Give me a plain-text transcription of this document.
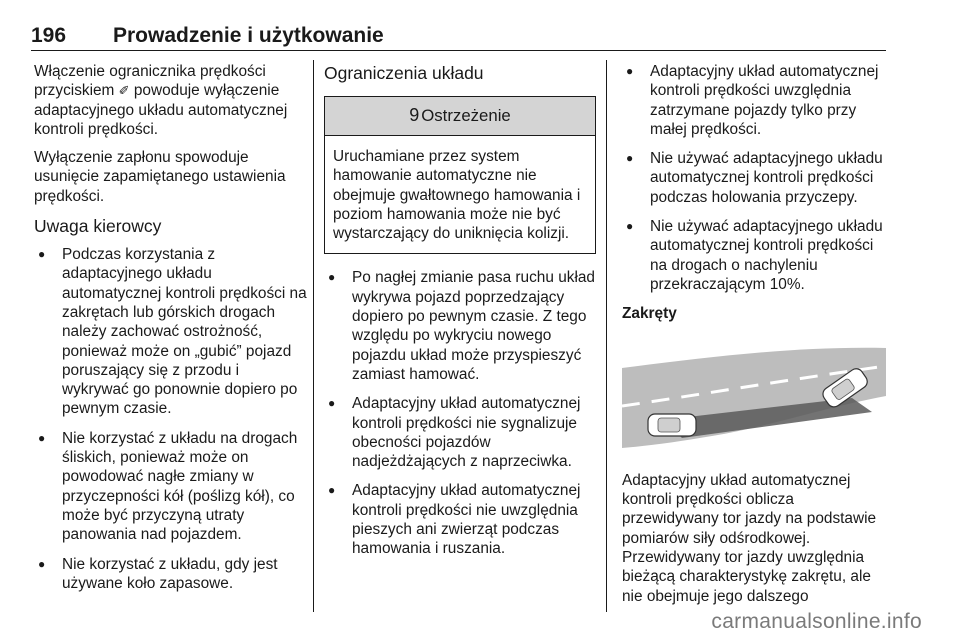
196 Prowadzenie i użytkowanie

Włączenie ogranicznika prędkości przyciskiem ✐ powoduje wyłączenie adaptacyjnego układu automatycznej kontroli prędkości.

Wyłączenie zapłonu spowoduje usunięcie zapamiętanego ustawienia prędkości.

Uwaga kierowcy
● Podczas korzystania z adaptacyjnego układu automatycznej kontroli prędkości na zakrętach lub górskich drogach należy zachować ostrożność, ponieważ może on „gubić” pojazd poruszający się z przodu i wykrywać go ponownie dopiero po pewnym czasie.
● Nie korzystać z układu na drogach śliskich, ponieważ może on powodować nagłe zmiany w przyczepności kół (poślizg kół), co może być przyczyną utraty panowania nad pojazdem.
● Nie korzystać z układu, gdy jest używane koło zapasowe.
Ograniczenia układu
9 Ostrzeżenie
Uruchamiane przez system hamowanie automatyczne nie obejmuje gwałtownego hamowania i poziom hamowania może nie być wystarczający do uniknięcia kolizji.
● Po nagłej zmianie pasa ruchu układ wykrywa pojazd poprzedzający dopiero po pewnym czasie. Z tego względu po wykryciu nowego pojazdu układ może przyspieszyć zamiast hamować.
● Adaptacyjny układ automatycznej kontroli prędkości nie sygnalizuje obecności pojazdów nadjeżdżających z naprzeciwka.
● Adaptacyjny układ automatycznej kontroli prędkości nie uwzględnia pieszych ani zwierząt podczas hamowania i ruszania.
● Adaptacyjny układ automatycznej kontroli prędkości uwzględnia zatrzymane pojazdy tylko przy małej prędkości.
● Nie używać adaptacyjnego układu automatycznej kontroli prędkości podczas holowania przyczepy.
● Nie używać adaptacyjnego układu automatycznej kontroli prędkości na drogach o nachyleniu przekraczającym 10%.
Zakręty

Adaptacyjny układ automatycznej kontroli prędkości oblicza przewidywany tor jazdy na podstawie pomiarów siły odśrodkowej. Przewidywany tor jazdy uwzględnia bieżącą charakterystykę zakrętu, ale nie obejmuje jego dalszego

carmanualsonline.info
